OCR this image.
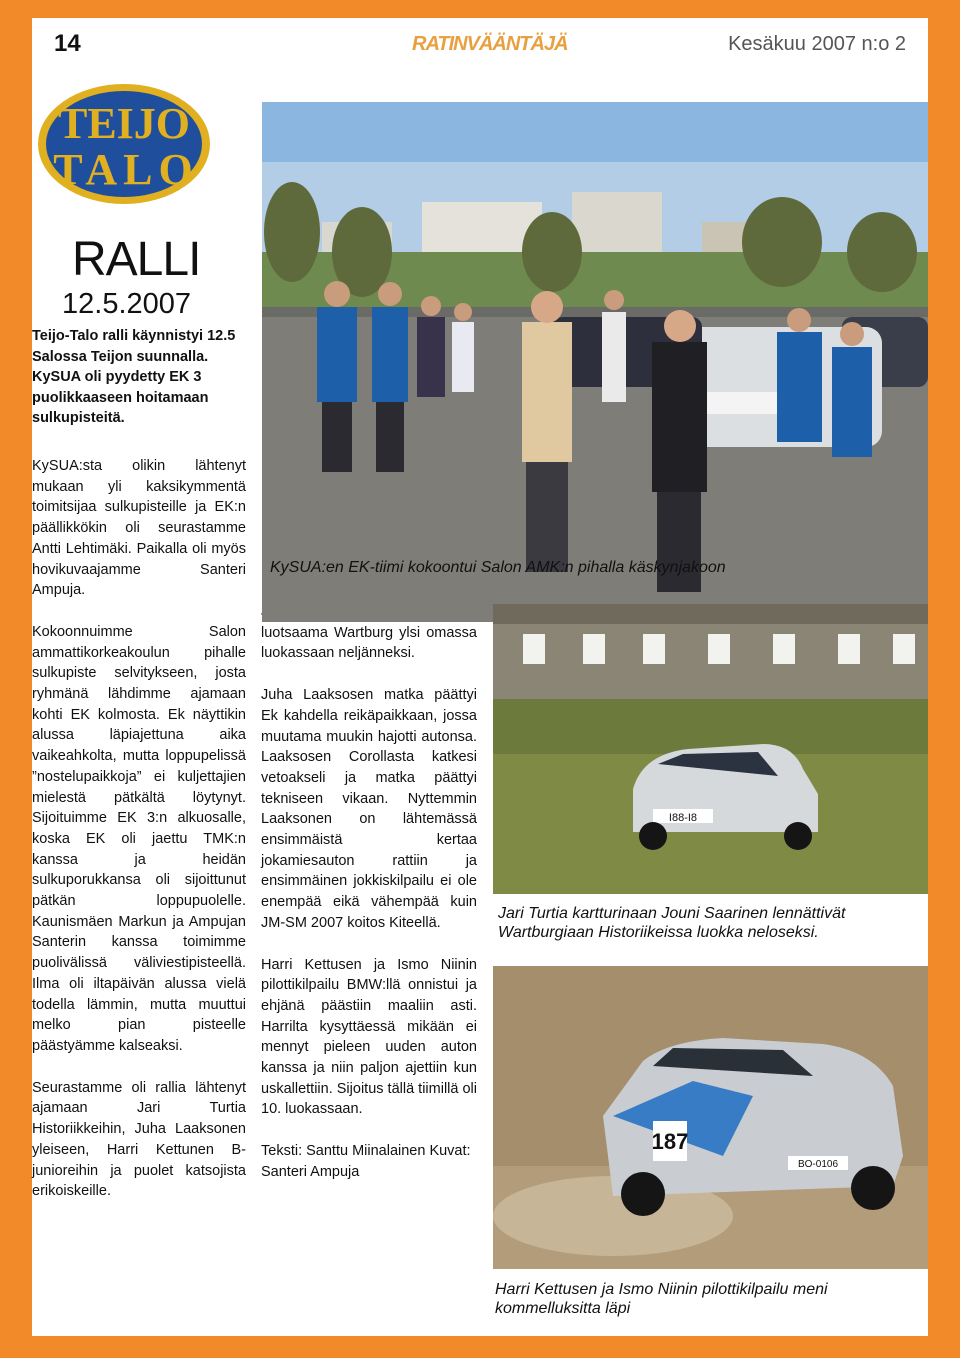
14	RATINVÄÄNTÄJÄ	Kesäkuu 2007 n:o 2
TEIJO
TALO
RALLI
12.5.2007

Teijo-Talo ralli käynnistyi 12.5 Salossa Teijon suunnalla. KySUA oli pyydetty EK 3 puolikkaaseen hoitamaan sulkupisteitä.

KySUA:sta olikin lähtenyt mukaan yli kaksikymmentä toimitsijaa sulkupisteille ja EK:n päällikkökin oli seurastamme Antti Lehtimäki. Paikalla oli myös hovikuvaajamme Santeri Ampuja.

Kokoonnuimme Salon ammattikorkeakoulun pihalle sulkupiste selvitykseen, josta ryhmänä lähdimme ajamaan kohti EK kolmosta. Ek näyttikin alussa läpiajettuna aika vaikeahkolta, mutta loppupelissä ”nostelupaikkoja” ei kuljettajien mielestä pätkältä löytynyt. Sijoituimme EK 3:n alkuosalle, koska EK oli jaettu TMK:n kanssa ja heidän sulkuporukkansa oli sijoittunut pätkän loppupuolelle. Kaunismäen Markun ja Ampujan Santerin kanssa toimimme puolivälissä väliviestipisteellä. Ilma oli iltapäivän alussa vielä todella lämmin, mutta muuttui melko pian pisteelle päästyämme kalseaksi.

Seurastamme oli rallia lähtenyt ajamaan Jari Turtia Historiikkeihin, Juha Laaksonen yleiseen, Harri Kettunen B- junioreihin ja puolet katsojista erikoiskeille.

luotsaama Wartburg ylsi omassa luokassaan neljänneksi.

Juha Laaksosen matka päättyi Ek kahdella reikäpaikkaan, jossa muutama muukin hajotti autonsa. Laaksosen Corollasta katkesi vetoakseli ja matka päättyi tekniseen vikaan. Nyttemmin Laaksonen on lähtemässä ensimmäistä kertaa jokamiesauton rattiin ja ensimmäinen jokkiskilpailu ei ole enempää eikä vähempää kuin JM-SM 2007 koitos Kiteellä.

Harri Kettusen ja Ismo Niinin pilottikilpailu BMW:llä onnistui ja ehjänä päästiin maaliin asti. Harrilta kysyttäessä mikään ei mennyt pieleen uuden auton kanssa ja niin paljon ajettiin kun uskallettiin. Sijoitus tällä tiimillä oli 10. luokassaan.

Teksti: Santtu Miinalainen Kuvat: Santeri Ampuja

KySUA:en EK-tiimi kokoontui Salon AMK:n pihalla käskynjakoon
I88-I8
Jari Turtia kartturinaan Jouni Saarinen lennättivät Wartburgiaan Historiikeissa luokka neloseksi.
187
BO-0106
Harri Kettusen ja Ismo Niinin pilottikilpailu meni kommelluksitta läpi
